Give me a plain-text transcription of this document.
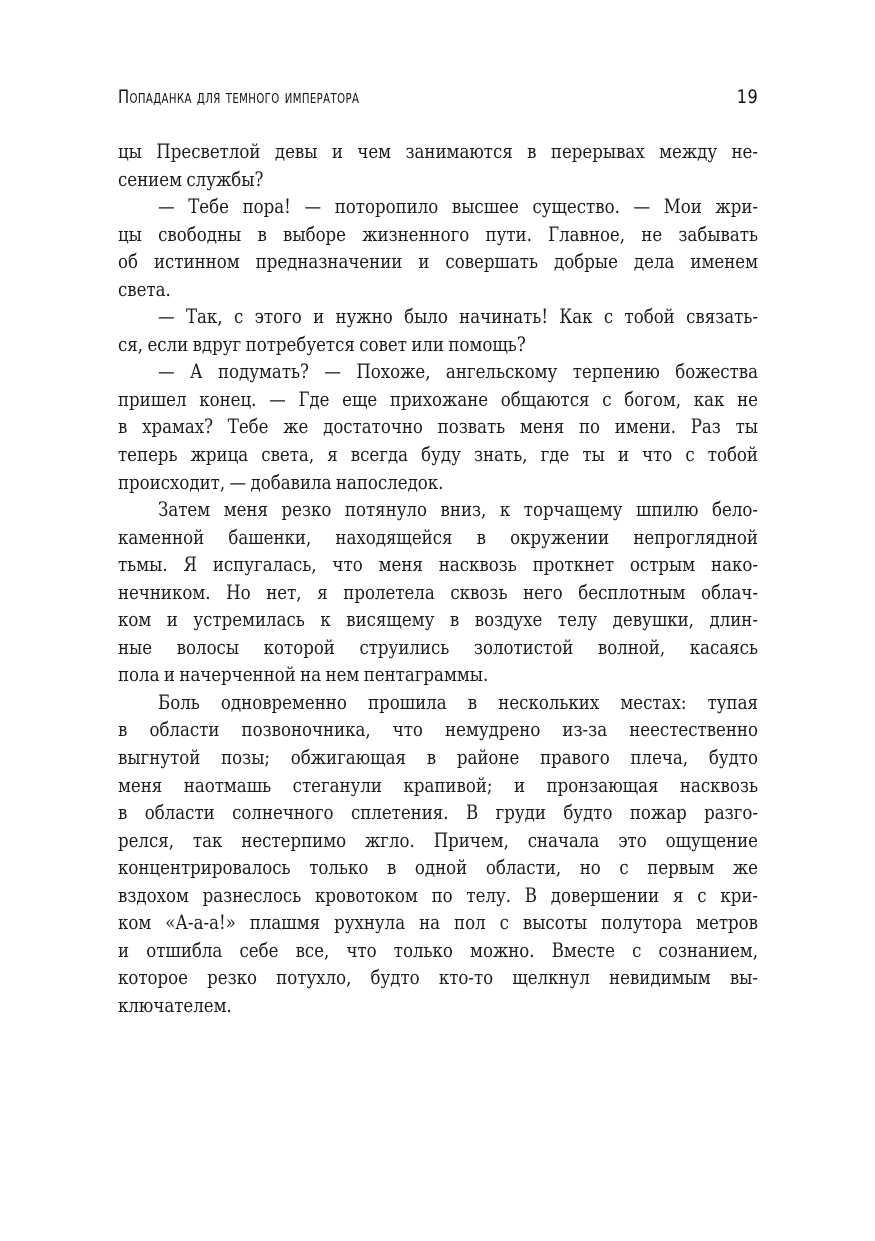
Попаданка для темного императора	19
цы Пресветлой девы и чем занимаются в перерывах между не-
сением службы?
— Тебе пора! — поторопило высшее существо. — Мои жри-
цы свободны в выборе жизненного пути. Главное, не забывать
об истинном предназначении и совершать добрые дела именем
света.
— Так, с этого и нужно было начинать! Как с тобой связать-
ся, если вдруг потребуется совет или помощь?
— А подумать? — Похоже, ангельскому терпению божества
пришел конец. — Где еще прихожане общаются с богом, как не
в храмах? Тебе же достаточно позвать меня по имени. Раз ты
теперь жрица света, я всегда буду знать, где ты и что с тобой
происходит, — добавила напоследок.
Затем меня резко потянуло вниз, к торчащему шпилю бело-
каменной башенки, находящейся в окружении непроглядной
тьмы. Я испугалась, что меня насквозь проткнет острым нако-
нечником. Но нет, я пролетела сквозь него бесплотным облач-
ком и устремилась к висящему в воздухе телу девушки, длин-
ные волосы которой струились золотистой волной, касаясь
пола и начерченной на нем пентаграммы.
Боль одновременно прошила в нескольких местах: тупая
в области позвоночника, что немудрено из-за неестественно
выгнутой позы; обжигающая в районе правого плеча, будто
меня наотмашь стеганули крапивой; и пронзающая насквозь
в области солнечного сплетения. В груди будто пожар разго-
релся, так нестерпимо жгло. Причем, сначала это ощущение
концентрировалось только в одной области, но с первым же
вздохом разнеслось кровотоком по телу. В довершении я с кри-
ком «А-а-а!» плашмя рухнула на пол с высоты полутора метров
и отшибла себе все, что только можно. Вместе с сознанием,
которое резко потухло, будто кто-то щелкнул невидимым вы-
ключателем.
